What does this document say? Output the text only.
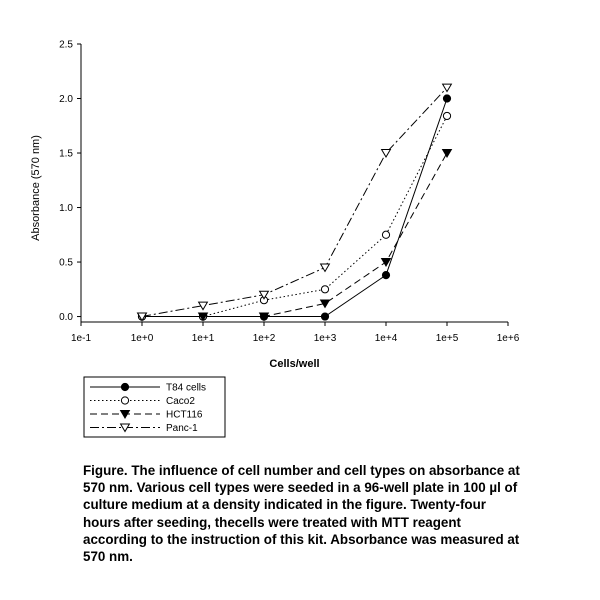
1e-1	1e+0	1e+1	1e+2	1e+3	1e+4	1e+5	1e+6
0.0
0.5
1.0
1.5
2.0
2.5
Cells/well
Absorbance (570 nm)
T84 cells
Caco2
HCT116
Panc-1

Figure. The influence of cell number and cell types on absorbance at 570 nm. Various cell types were seeded in a 96-well plate in 100 µl of culture medium at a density indicated in the figure. Twenty-four hours after seeding, thecells were treated with MTT reagent according to the instruction of this kit. Absorbance was measured at 570 nm.
